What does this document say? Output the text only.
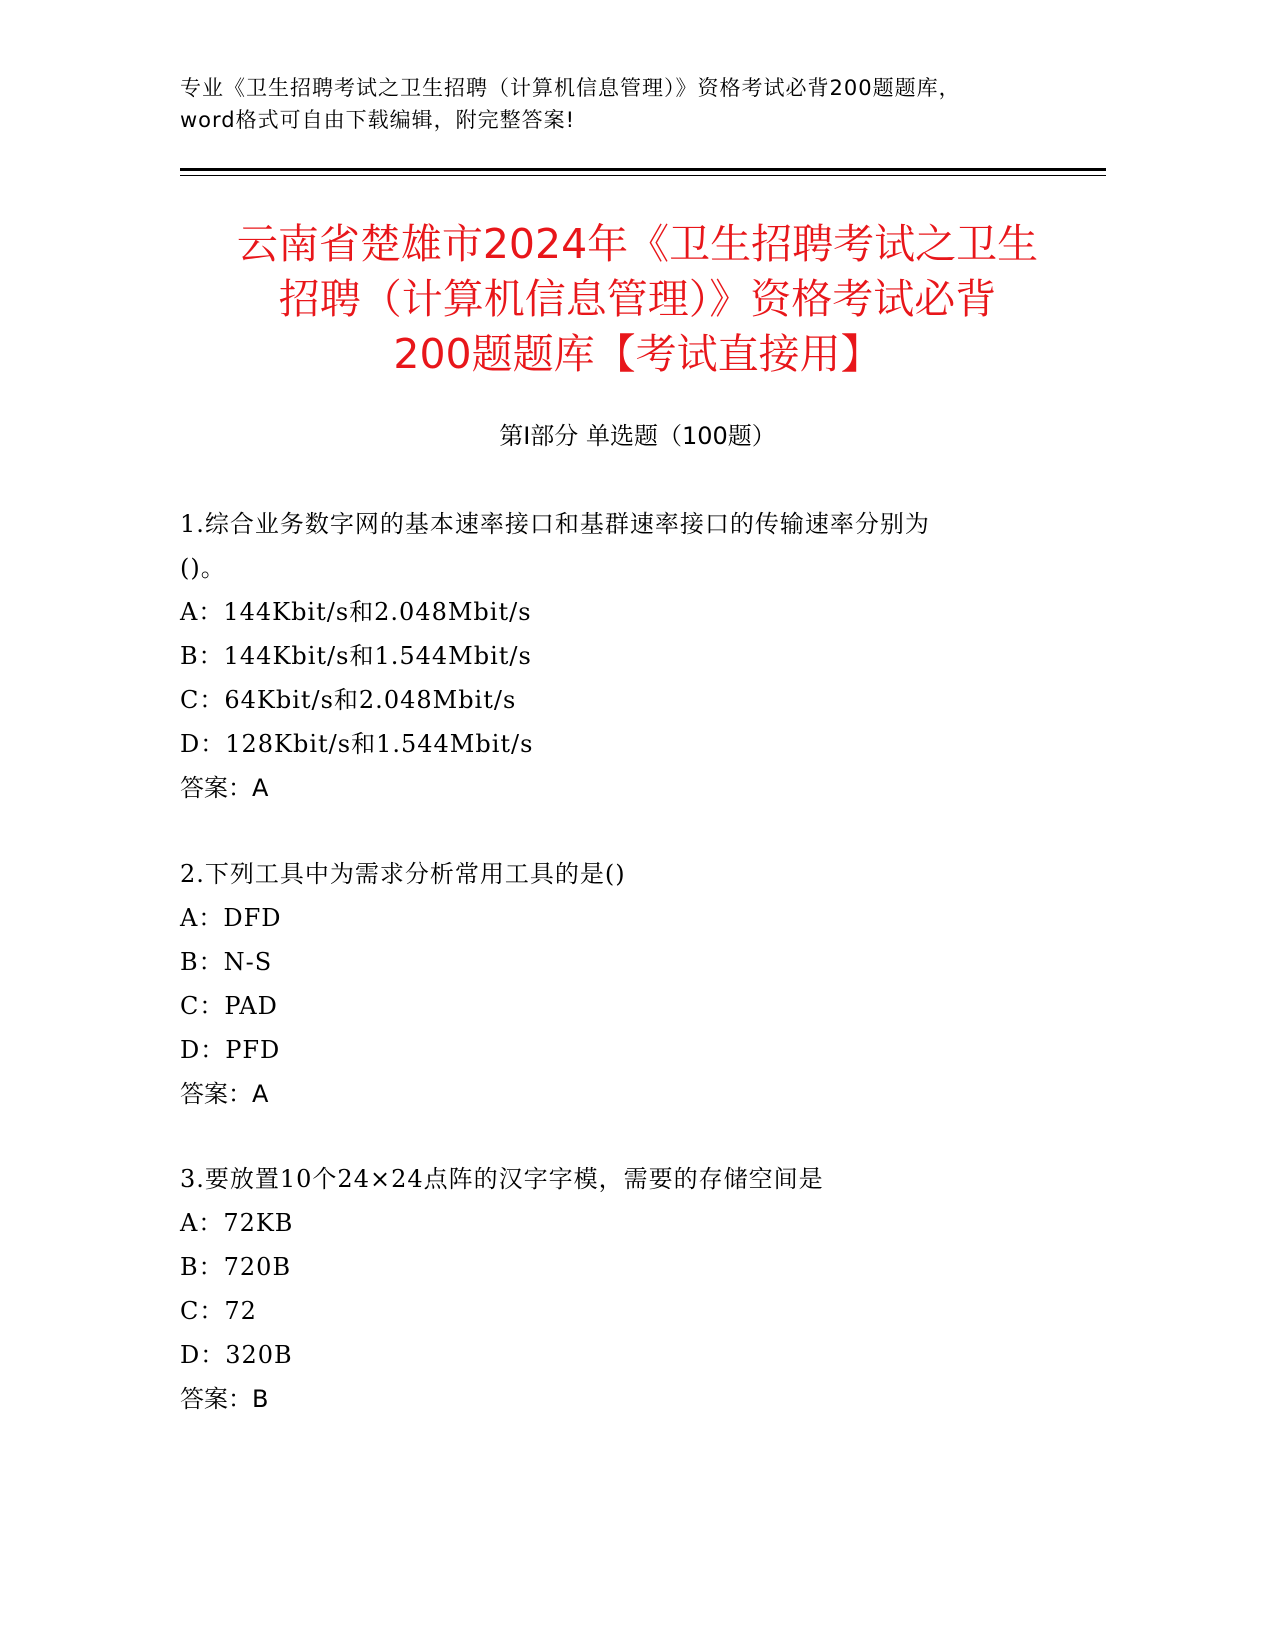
专业《卫生招聘考试之卫生招聘（计算机信息管理）》资格考试必背200题题库，
word格式可自由下载编辑，附完整答案!
云南省楚雄市2024年《卫生招聘考试之卫生
招聘（计算机信息管理）》资格考试必背
200题题库【考试直接用】
第Ⅰ部分 单选题（100题）
1.综合业务数字网的基本速率接口和基群速率接口的传输速率分别为
()。
A：144Kbit/s和2.048Mbit/s
B：144Kbit/s和1.544Mbit/s
C：64Kbit/s和2.048Mbit/s
D：128Kbit/s和1.544Mbit/s
答案：A
2.下列工具中为需求分析常用工具的是()
A：DFD
B：N-S
C：PAD
D：PFD
答案：A
3.要放置10个24×24点阵的汉字字模，需要的存储空间是
A：72KB
B：720B
C：72
D：320B
答案：B
